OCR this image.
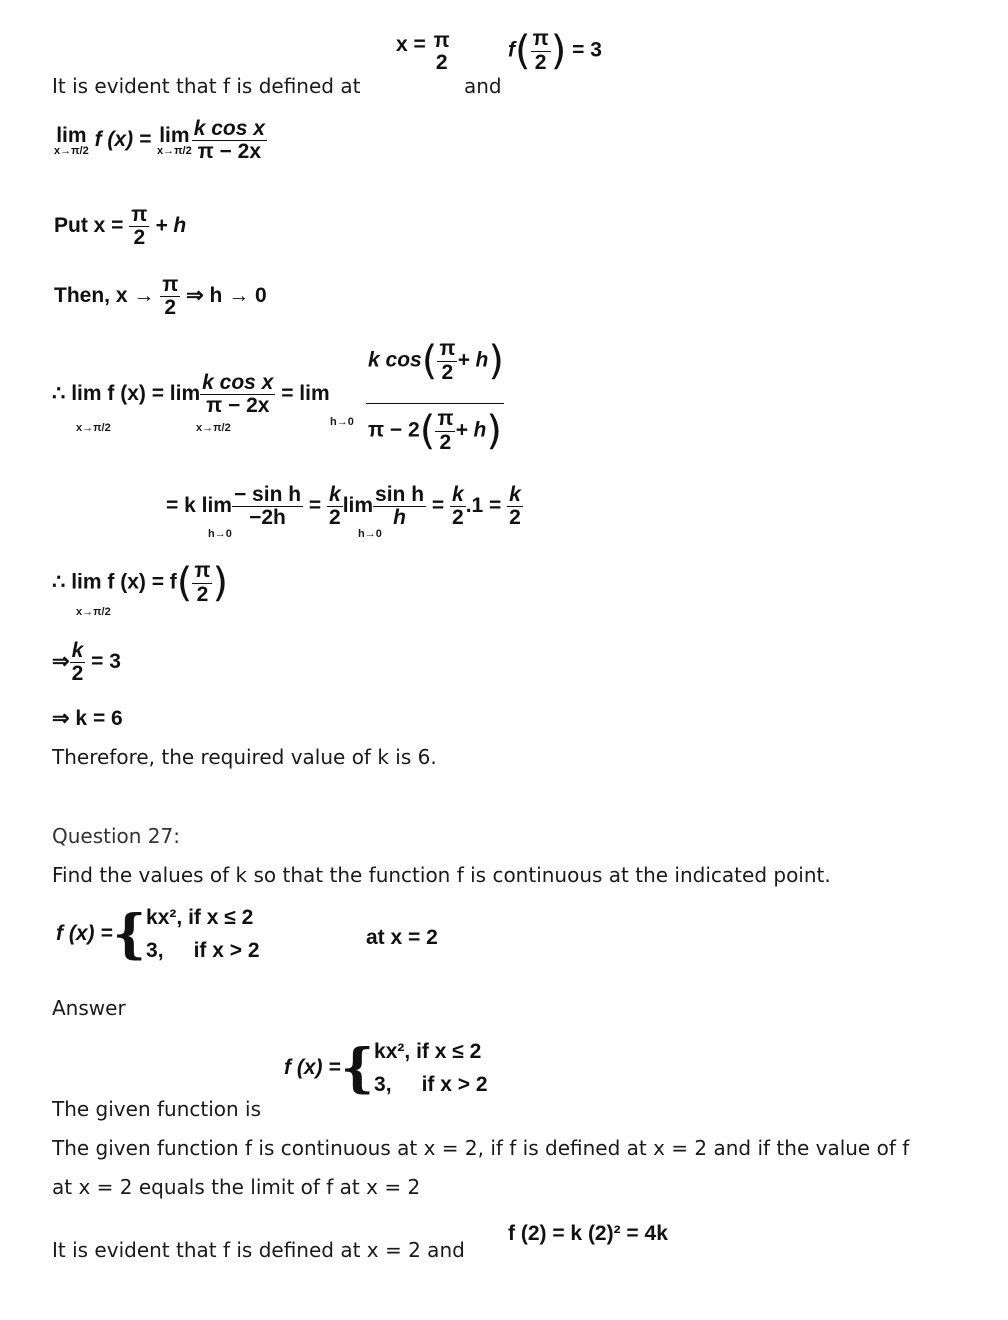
It is evident that f is defined at
x = π
2
and
$f( \frac{\pi}{2}$ ) = 3
lim
x→π/2 f (x) = lim
$x\to\pi/2 \frac{\text{k cos x}}{\pi - 2x}$
Put $x = \frac{\pi}{2} + h$
Then, $x \to \frac{\pi}{2}$ ⇒ h → 0
∴ lim f $(x) = \lim \frac{\text{k cos x}}{\pi - 2x} = \lim$
x→π/2	x→π/2	h→0
k $\cos( \frac{\pi}{2} + h)$
$\pi - 2( \frac{\pi}{2} + h)$
= k $\lim \frac{\text{− sin h}}{-2h} = \frac{k}{2}$ $\lim \frac{\text{sin h}}{h} = \frac{k}{2} .1 = \frac{k}{2}$
h→0	h→0
∴ lim f $(x) = f( \frac{\pi}{2}$ )
x→π/2
⇒ $\frac{k}{2} = 3$
⇒ k = 6
Therefore, the required value of k is 6.
Question 27:
Find the values of k so that the function f is continuous at the indicated point.
f (x) ={ kx², if x ≤ 2
3, if x > 2
at x = 2
Answer
f (x) ={ kx², if x ≤ 2
3, if x > 2
The given function is
The given function f is continuous at x = 2, if f is defined at x = 2 and if the value of f
at x = 2 equals the limit of f at x = 2
It is evident that f is defined at x = 2 and
f (2) = k (2)² = 4k
